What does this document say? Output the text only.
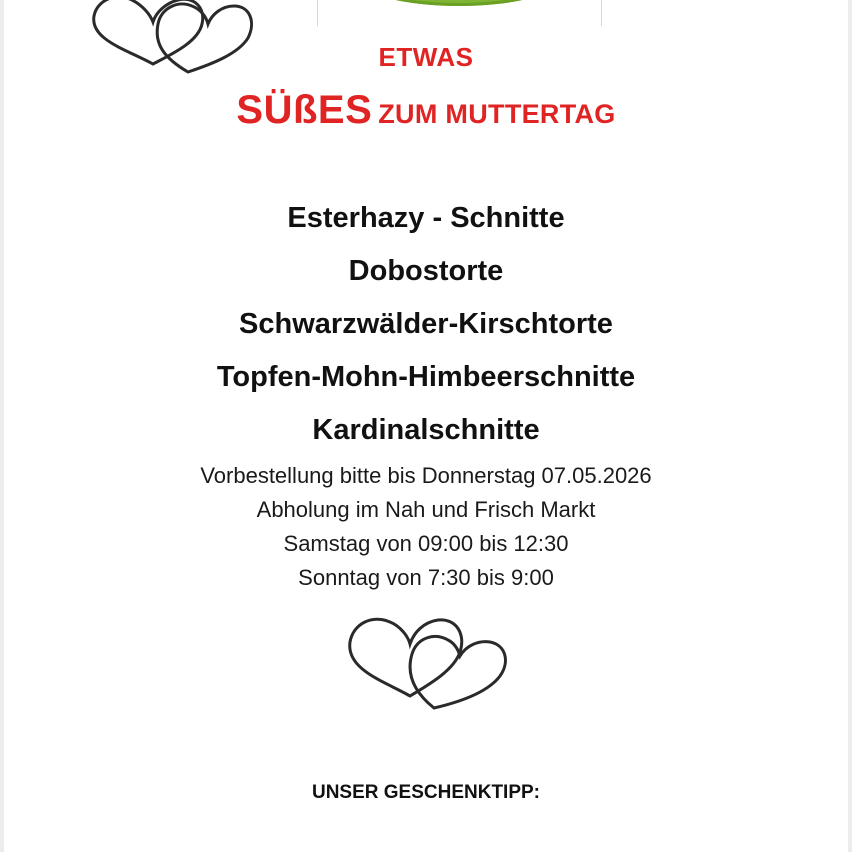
ETWAS
SÜßES ZUM MUTTERTAG
Esterhazy - Schnitte
Dobostorte
Schwarzwälder-Kirschtorte
Topfen-Mohn-Himbeerschnitte
Kardinalschnitte
Vorbestellung bitte bis Donnerstag 07.05.2026
Abholung im Nah und Frisch Markt
Samstag von 09:00 bis 12:30
Sonntag von 7:30 bis 9:00
UNSER GESCHENKTIPP:
